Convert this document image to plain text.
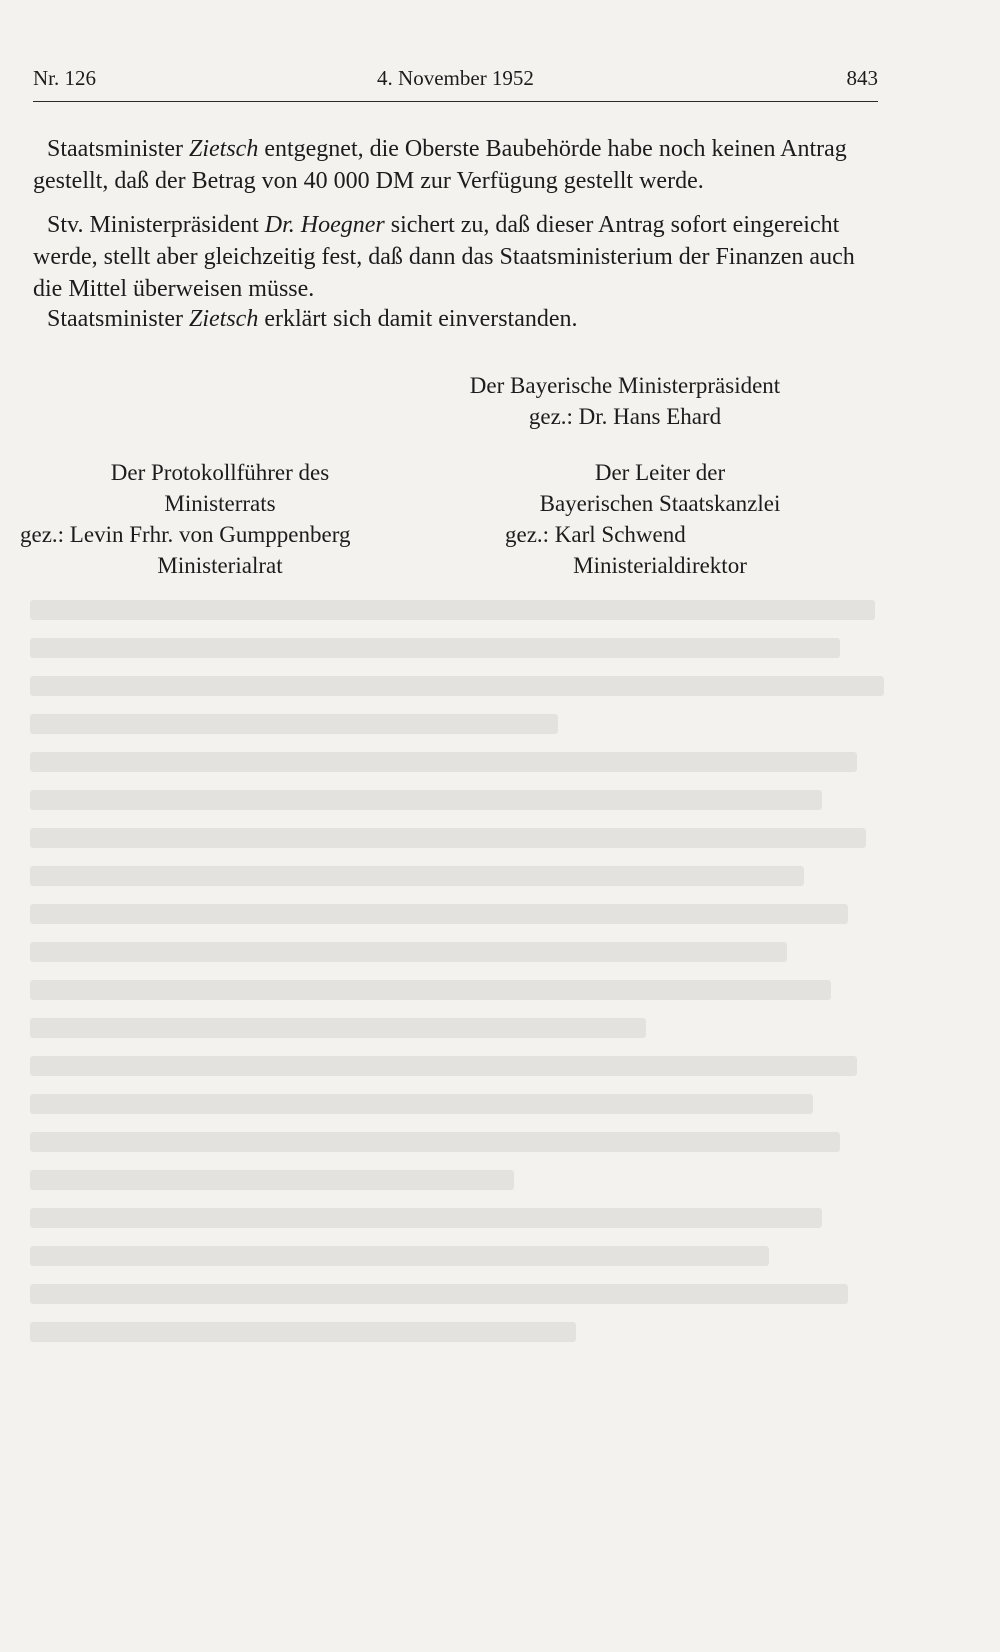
Nr. 126	4. November 1952	843

Staatsminister Zietsch entgegnet, die Oberste Baubehörde habe noch keinen Antrag gestellt, daß der Betrag von 40 000 DM zur Verfügung gestellt werde.

Stv. Ministerpräsident Dr. Hoegner sichert zu, daß dieser Antrag sofort eingereicht werde, stellt aber gleichzeitig fest, daß dann das Staatsministerium der Finanzen auch die Mittel überweisen müsse.

Staatsminister Zietsch erklärt sich damit einverstanden.

Der Bayerische Ministerpräsident
gez.: Dr. Hans Ehard
Der Protokollführer des
Ministerrats
gez.: Levin Frhr. von Gumppenberg
Ministerialrat
Der Leiter der
Bayerischen Staatskanzlei
gez.: Karl Schwend
Ministerialdirektor
